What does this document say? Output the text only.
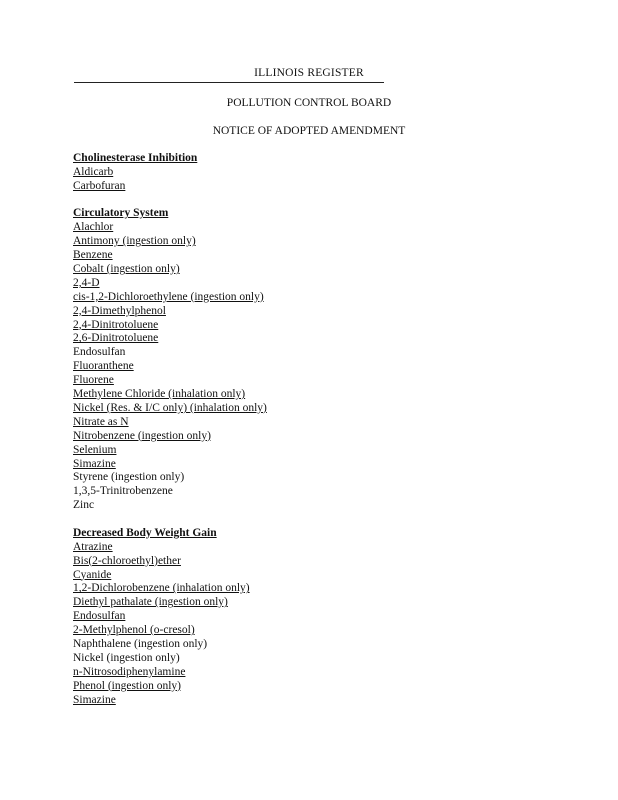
ILLINOIS REGISTER
POLLUTION CONTROL BOARD
NOTICE OF ADOPTED AMENDMENT
Cholinesterase Inhibition
Aldicarb
Carbofuran
Circulatory System
Alachlor
Antimony (ingestion only)
Benzene
Cobalt (ingestion only)
2,4-D
cis-1,2-Dichloroethylene (ingestion only)
2,4-Dimethylphenol
2,4-Dinitrotoluene
2,6-Dinitrotoluene
Endosulfan
Fluoranthene
Fluorene
Methylene Chloride (inhalation only)
Nickel (Res. & I/C only) (inhalation only)
Nitrate as N
Nitrobenzene (ingestion only)
Selenium
Simazine
Styrene (ingestion only)
1,3,5-Trinitrobenzene
Zinc
Decreased Body Weight Gain
Atrazine
Bis(2-chloroethyl)ether
Cyanide
1,2-Dichlorobenzene (inhalation only)
Diethyl pathalate (ingestion only)
Endosulfan
2-Methylphenol (o-cresol)
Naphthalene (ingestion only)
Nickel (ingestion only)
n-Nitrosodiphenylamine
Phenol (ingestion only)
Simazine
